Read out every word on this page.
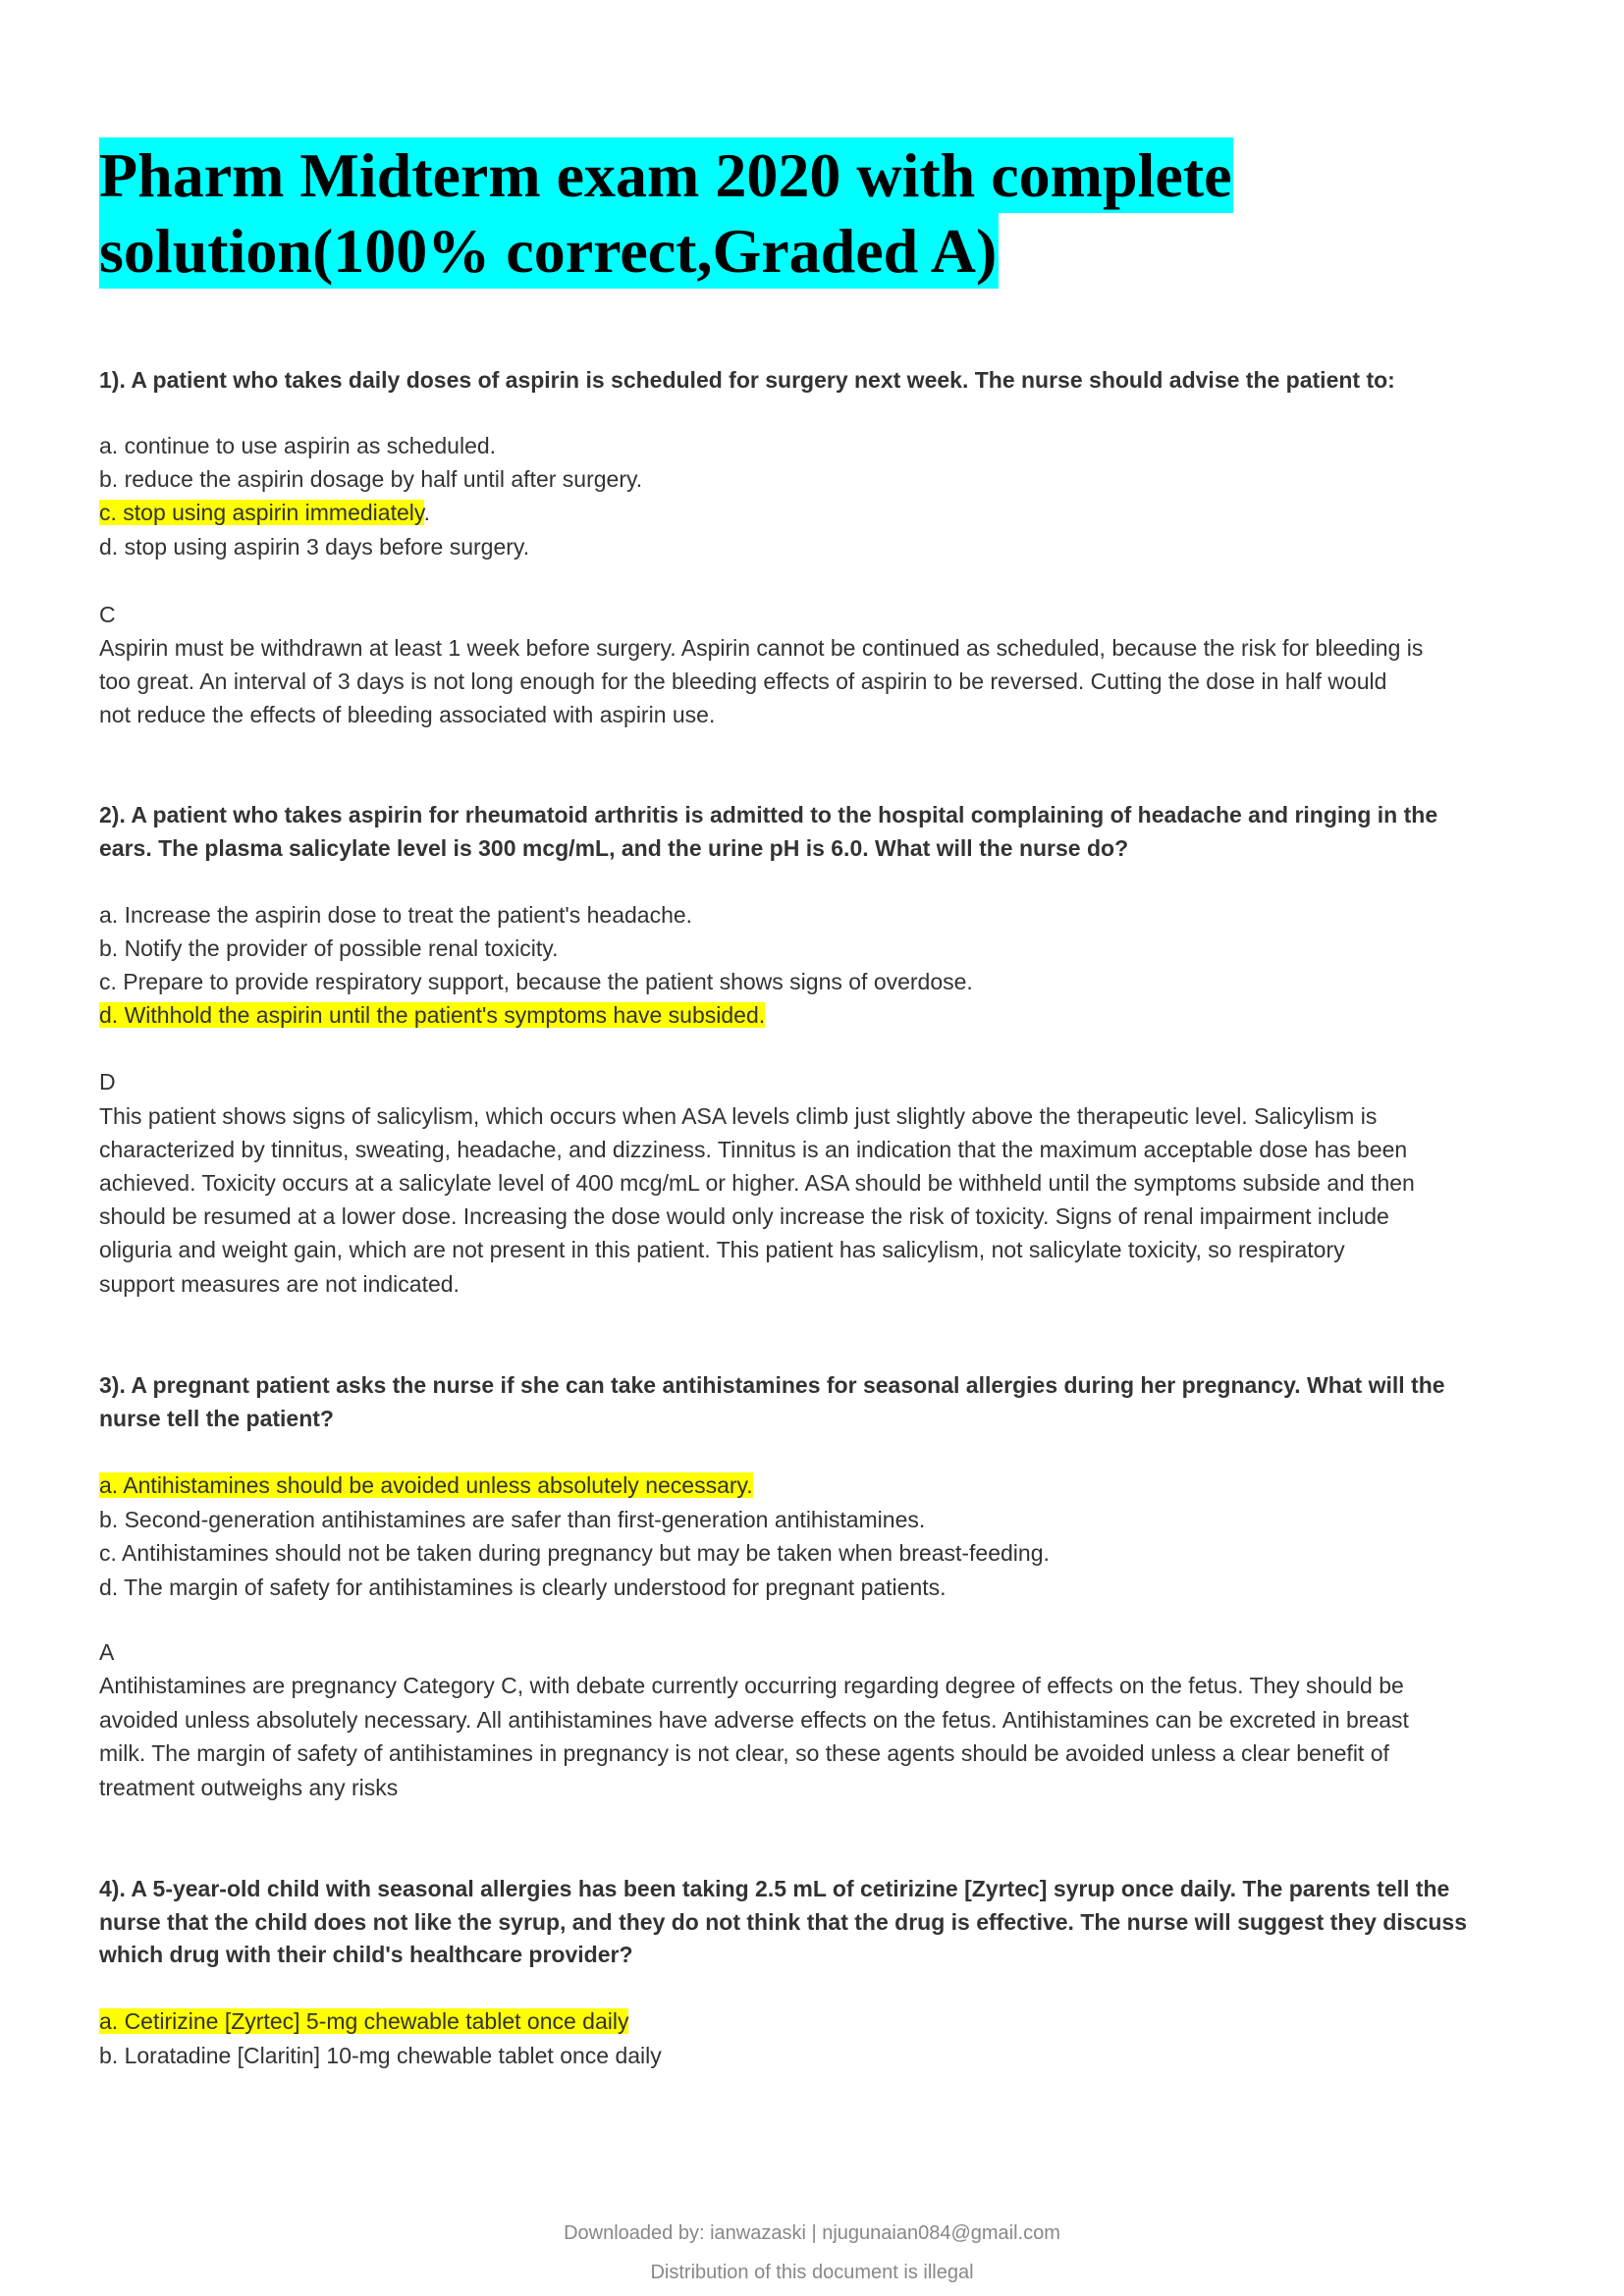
Pharm Midterm exam 2020 with complete
solution(100% correct,Graded A)
1). A patient who takes daily doses of aspirin is scheduled for surgery next week. The nurse should advise the patient to:
a. continue to use aspirin as scheduled.
b. reduce the aspirin dosage by half until after surgery.
c. stop using aspirin immediately.
d. stop using aspirin 3 days before surgery.
C
Aspirin must be withdrawn at least 1 week before surgery. Aspirin cannot be continued as scheduled, because the risk for bleeding is
too great. An interval of 3 days is not long enough for the bleeding effects of aspirin to be reversed. Cutting the dose in half would
not reduce the effects of bleeding associated with aspirin use.
2). A patient who takes aspirin for rheumatoid arthritis is admitted to the hospital complaining of headache and ringing in the
ears. The plasma salicylate level is 300 mcg/mL, and the urine pH is 6.0. What will the nurse do?
a. Increase the aspirin dose to treat the patient's headache.
b. Notify the provider of possible renal toxicity.
c. Prepare to provide respiratory support, because the patient shows signs of overdose.
d. Withhold the aspirin until the patient's symptoms have subsided.
D
This patient shows signs of salicylism, which occurs when ASA levels climb just slightly above the therapeutic level. Salicylism is
characterized by tinnitus, sweating, headache, and dizziness. Tinnitus is an indication that the maximum acceptable dose has been
achieved. Toxicity occurs at a salicylate level of 400 mcg/mL or higher. ASA should be withheld until the symptoms subside and then
should be resumed at a lower dose. Increasing the dose would only increase the risk of toxicity. Signs of renal impairment include
oliguria and weight gain, which are not present in this patient. This patient has salicylism, not salicylate toxicity, so respiratory
support measures are not indicated.
3). A pregnant patient asks the nurse if she can take antihistamines for seasonal allergies during her pregnancy. What will the
nurse tell the patient?
a. Antihistamines should be avoided unless absolutely necessary.
b. Second-generation antihistamines are safer than first-generation antihistamines.
c. Antihistamines should not be taken during pregnancy but may be taken when breast-feeding.
d. The margin of safety for antihistamines is clearly understood for pregnant patients.
A
Antihistamines are pregnancy Category C, with debate currently occurring regarding degree of effects on the fetus. They should be
avoided unless absolutely necessary. All antihistamines have adverse effects on the fetus. Antihistamines can be excreted in breast
milk. The margin of safety of antihistamines in pregnancy is not clear, so these agents should be avoided unless a clear benefit of
treatment outweighs any risks
4). A 5-year-old child with seasonal allergies has been taking 2.5 mL of cetirizine [Zyrtec] syrup once daily. The parents tell the
nurse that the child does not like the syrup, and they do not think that the drug is effective. The nurse will suggest they discuss
which drug with their child's healthcare provider?
a. Cetirizine [Zyrtec] 5-mg chewable tablet once daily
b. Loratadine [Claritin] 10-mg chewable tablet once daily
Downloaded by: ianwazaski | njugunaian084@gmail.com
Distribution of this document is illegal
